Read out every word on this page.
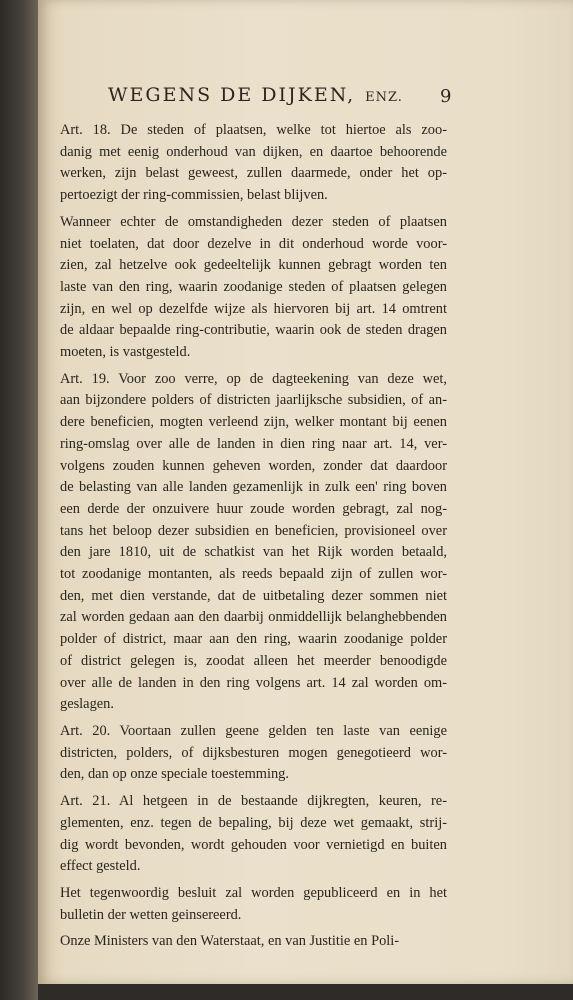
WEGENS DE DIJKEN, ENZ. 9
Art. 18. De steden of plaatsen, welke tot hiertoe als zoo-
danig met eenig onderhoud van dijken, en daartoe behoorende
werken, zijn belast geweest, zullen daarmede, onder het op-
pertoezigt der ring-commissien, belast blijven.
Wanneer echter de omstandigheden dezer steden of plaatsen
niet toelaten, dat door dezelve in dit onderhoud worde voor-
zien, zal hetzelve ook gedeeltelijk kunnen gebragt worden ten
laste van den ring, waarin zoodanige steden of plaatsen gelegen
zijn, en wel op dezelfde wijze als hiervoren bij art. 14 omtrent
de aldaar bepaalde ring-contributie, waarin ook de steden dragen
moeten, is vastgesteld.
Art. 19. Voor zoo verre, op de dagteekening van deze wet,
aan bijzondere polders of districten jaarlijksche subsidien, of an-
dere beneficien, mogten verleend zijn, welker montant bij eenen
ring-omslag over alle de landen in dien ring naar art. 14, ver-
volgens zouden kunnen geheven worden, zonder dat daardoor
de belasting van alle landen gezamenlijk in zulk een' ring boven
een derde der onzuivere huur zoude worden gebragt, zal nog-
tans het beloop dezer subsidien en beneficien, provisioneel over
den jare 1810, uit de schatkist van het Rijk worden betaald,
tot zoodanige montanten, als reeds bepaald zijn of zullen wor-
den, met dien verstande, dat de uitbetaling dezer sommen niet
zal worden gedaan aan den daarbij onmiddellijk belanghebbenden
polder of district, maar aan den ring, waarin zoodanige polder
of district gelegen is, zoodat alleen het meerder benoodigde
over alle de landen in den ring volgens art. 14 zal worden om-
geslagen.
Art. 20. Voortaan zullen geene gelden ten laste van eenige
districten, polders, of dijksbesturen mogen genegotieerd wor-
den, dan op onze speciale toestemming.
Art. 21. Al hetgeen in de bestaande dijkregten, keuren, re-
glementen, enz. tegen de bepaling, bij deze wet gemaakt, strij-
dig wordt bevonden, wordt gehouden voor vernietigd en buiten
effect gesteld.
Het tegenwoordig besluit zal worden gepubliceerd en in het
bulletin der wetten geinsereerd.
Onze Ministers van den Waterstaat, en van Justitie en Poli-
